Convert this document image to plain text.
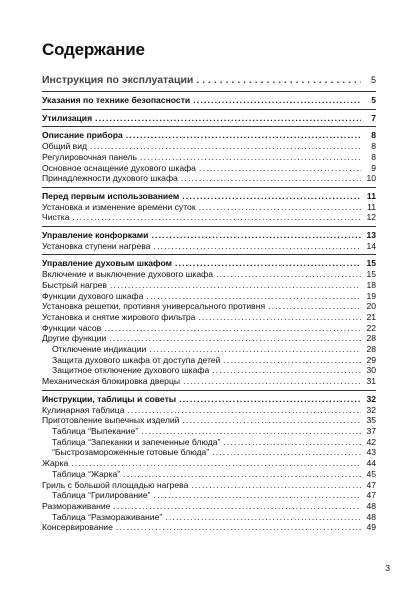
Содержание
Инструкция по эксплуатации . . .	5
Указания по технике безопасности . . .	5
Утилизация . . .	7
Описание прибора . . .	8
Общий вид . . .	8
Регулировочная панель . . .	8
Основное оснащение духового шкафа . . .	9
Принадлежности духового шкафа . . .	10
Перед первым использованием . . .	11
Установка и изменение времени суток . . .	11
Чистка . . .	12
Управление конфорками . . .	13
Установка ступени нагрева . . .	14
Управление духовым шкафом . . .	15
Включение и выключение духового шкафа . . .	15
Быстрый нагрев . . .	18
Функции духового шкафа . . .	19
Установка решетки, противня универсального противня . . .	20
Установка и снятие жирового фильтра . . .	21
Функции часов . . .	22
Другие функции . . .	28
Отключение индикации . . .	28
Защита духового шкафа от доступа детей . . .	29
Защитное отключение духового шкафа . . .	30
Механическая блокировка дверцы . . .	31
Инструкции, таблицы и советы . . .	32
Кулинарная таблица . . .	32
Приготовление выпечных изделий . . .	35
Таблица “Выпекание” . . .	37
Таблица “Запеканки и запеченные блюда” . . .	42
“Быстрозамороженные готовые блюда” . . .	43
Жарка . . .	44
Таблица “Жарка” . . .	45
Гриль с большой площадью нагрева . . .	47
Таблица “Грилирование” . . .	47
Размораживание . . .	48
Таблица “Размораживание” . . .	48
Консервирование . . .	49
3
